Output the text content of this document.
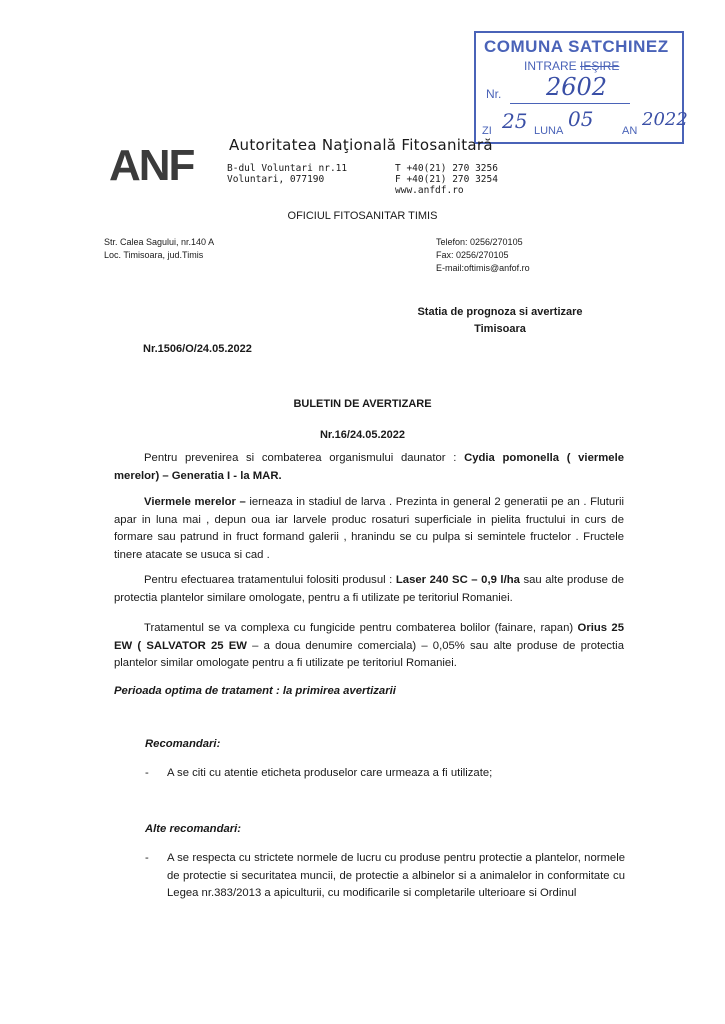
COMUNA SATCHINEZ
INTRARE IEŞIRE
Nr. 2602
ZI 25 LUNA 05	AN
2022
ANF Autoritatea Naţională Fitosanitară
B-dul Voluntari nr.11
Voluntari, 077190
T +40(21) 270 3256
F +40(21) 270 3254
www.anfdf.ro
OFICIUL FITOSANITAR TIMIS
Str. Calea Sagului, nr.140 A
Loc. Timisoara, jud.Timis
Telefon: 0256/270105
Fax: 0256/270105
E-mail:oftimis@anfof.ro
Statia de prognoza si avertizare
Timisoara
Nr.1506/O/24.05.2022
BULETIN DE AVERTIZARE
Nr.16/24.05.2022
Pentru prevenirea si combaterea organismului daunator : Cydia pomonella ( viermele merelor) – Generatia I - la MAR.
Viermele merelor – ierneaza in stadiul de larva . Prezinta in general 2 generatii pe an . Fluturii apar in luna mai , depun oua iar larvele produc rosaturi superficiale in pielita fructului in curs de formare sau patrund in fruct formand galerii , hranindu se cu pulpa si semintele fructelor . Fructele tinere atacate se usuca si cad .
Pentru efectuarea tratamentului folositi produsul : Laser 240 SC – 0,9 l/ha sau alte produse de protectia plantelor similare omologate, pentru a fi utilizate pe teritoriul Romaniei.
Tratamentul se va complexa cu fungicide pentru combaterea bolilor (fainare, rapan) Orius 25 EW ( SALVATOR 25 EW – a doua denumire comerciala) – 0,05% sau alte produse de protectia plantelor similar omologate pentru a fi utilizate pe teritoriul Romaniei.
Perioada optima de tratament : la primirea avertizarii
Recomandari:
- A se citi cu atentie eticheta produselor care urmeaza a fi utilizate;
Alte recomandari:
- A se respecta cu strictete normele de lucru cu produse pentru protectie a plantelor, normele de protectie si securitatea muncii, de protectie a albinelor si a animalelor in conformitate cu Legea nr.383/2013 a apiculturii, cu modificarile si completarile ulterioare si Ordinul
